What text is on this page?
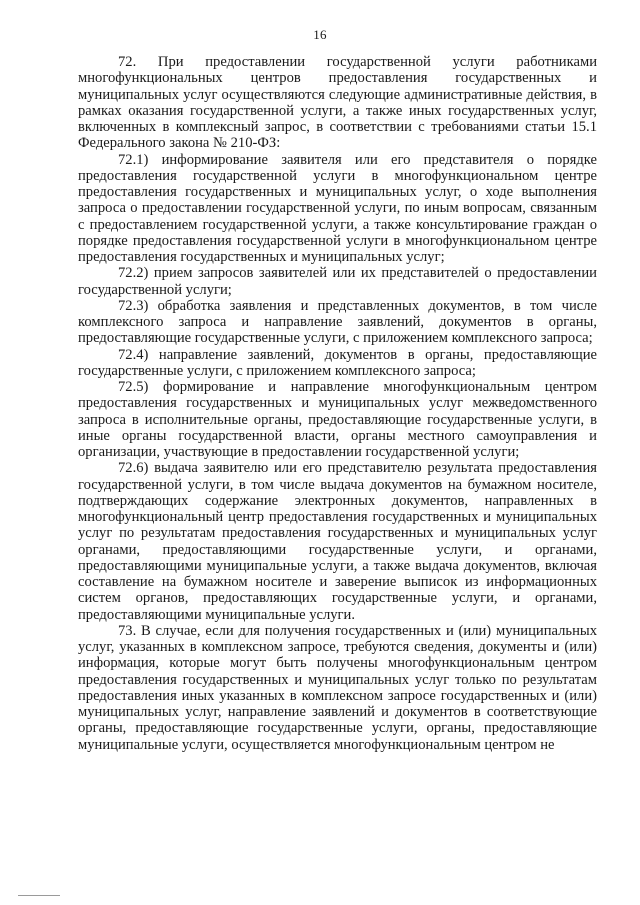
16

72. При предоставлении государственной услуги работниками многофункциональных центров предоставления государственных и муниципальных услуг осуществляются следующие административные действия, в рамках оказания государственной услуги, а также иных государственных услуг, включенных в комплексный запрос, в соответствии с требованиями статьи 15.1 Федерального закона № 210-ФЗ:

72.1) информирование заявителя или его представителя о порядке предоставления государственной услуги в многофункциональном центре предоставления государственных и муниципальных услуг, о ходе выполнения запроса о предоставлении государственной услуги, по иным вопросам, связанным с предоставлением государственной услуги, а также консультирование граждан о порядке предоставления государственной услуги в многофункциональном центре предоставления государственных и муниципальных услуг;

72.2) прием запросов заявителей или их представителей о предоставлении государственной услуги;

72.3) обработка заявления и представленных документов, в том числе комплексного запроса и направление заявлений, документов в органы, предоставляющие государственные услуги, с приложением комплексного запроса;

72.4) направление заявлений, документов в органы, предоставляющие государственные услуги, с приложением комплексного запроса;

72.5) формирование и направление многофункциональным центром предоставления государственных и муниципальных услуг межведомственного запроса в исполнительные органы, предоставляющие государственные услуги, в иные органы государственной власти, органы местного самоуправления и организации, участвующие в предоставлении государственной услуги;

72.6) выдача заявителю или его представителю результата предоставления государственной услуги, в том числе выдача документов на бумажном носителе, подтверждающих содержание электронных документов, направленных в многофункциональный центр предоставления государственных и муниципальных услуг по результатам предоставления государственных и муниципальных услуг органами, предоставляющими государственные услуги, и органами, предоставляющими муниципальные услуги, а также выдача документов, включая составление на бумажном носителе и заверение выписок из информационных систем органов, предоставляющих государственные услуги, и органами, предоставляющими муниципальные услуги.

73. В случае, если для получения государственных и (или) муниципальных услуг, указанных в комплексном запросе, требуются сведения, документы и (или) информация, которые могут быть получены многофункциональным центром предоставления государственных и муниципальных услуг только по результатам предоставления иных указанных в комплексном запросе государственных и (или) муниципальных услуг, направление заявлений и документов в соответствующие органы, предоставляющие государственные услуги, органы, предоставляющие муниципальные услуги, осуществляется многофункциональным центром не
